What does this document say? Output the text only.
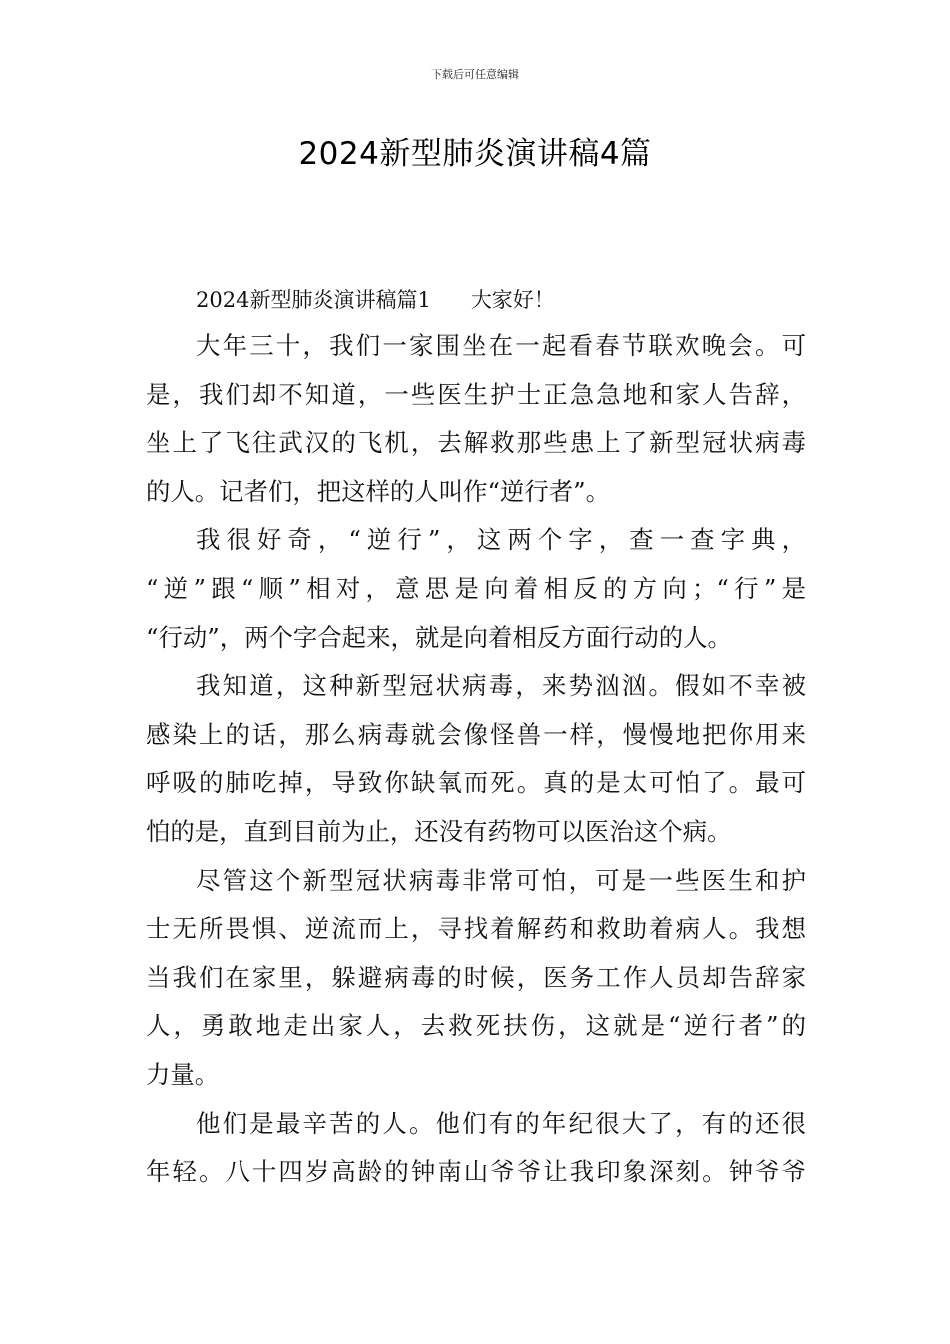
下载后可任意编辑
2024新型肺炎演讲稿4篇
2024新型肺炎演讲稿篇1 大家好！
大年三十，我们一家围坐在一起看春节联欢晚会。可
是，我们却不知道，一些医生护士正急急地和家人告辞，
坐上了飞往武汉的飞机，去解救那些患上了新型冠状病毒
的人。记者们，把这样的人叫作“逆行者”。
我很好奇，“逆行”，这两个字，查一查字典，
“逆”跟“顺”相对，意思是向着相反的方向；“行”是
“行动”，两个字合起来，就是向着相反方面行动的人。
我知道，这种新型冠状病毒，来势汹汹。假如不幸被
感染上的话，那么病毒就会像怪兽一样，慢慢地把你用来
呼吸的肺吃掉，导致你缺氧而死。真的是太可怕了。最可
怕的是，直到目前为止，还没有药物可以医治这个病。
尽管这个新型冠状病毒非常可怕，可是一些医生和护
士无所畏惧、逆流而上，寻找着解药和救助着病人。我想
当我们在家里，躲避病毒的时候，医务工作人员却告辞家
人，勇敢地走出家人，去救死扶伤，这就是“逆行者”的
力量。
他们是最辛苦的人。他们有的年纪很大了，有的还很
年轻。八十四岁高龄的钟南山爷爷让我印象深刻。钟爷爷
